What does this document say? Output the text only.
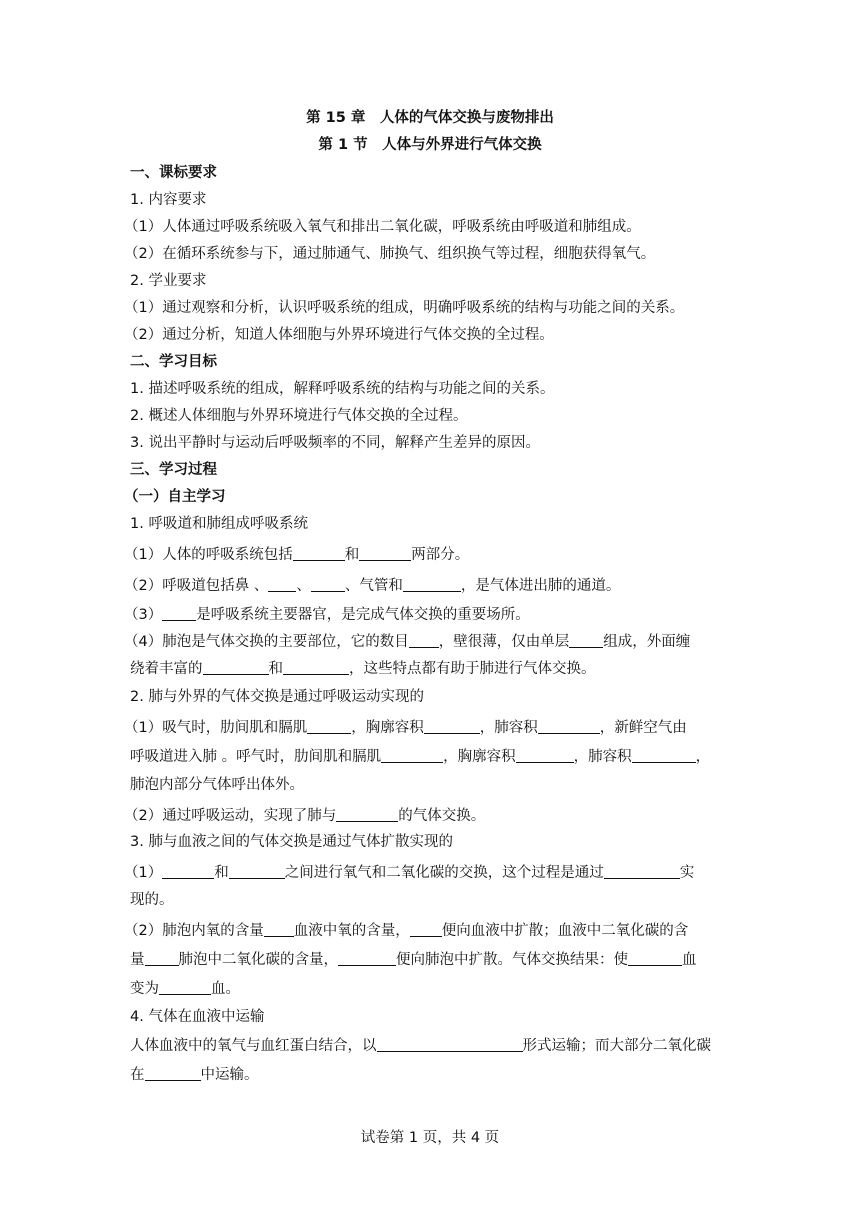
第 15 章　人体的气体交换与废物排出
第 1 节　人体与外界进行气体交换
一、课标要求
1. 内容要求
（1）人体通过呼吸系统吸入氧气和排出二氧化碳，呼吸系统由呼吸道和肺组成。
（2）在循环系统参与下，通过肺通气、肺换气、组织换气等过程，细胞获得氧气。
2. 学业要求
（1）通过观察和分析，认识呼吸系统的组成，明确呼吸系统的结构与功能之间的关系。
（2）通过分析，知道人体细胞与外界环境进行气体交换的全过程。
二、学习目标
1. 描述呼吸系统的组成，解释呼吸系统的结构与功能之间的关系。
2. 概述人体细胞与外界环境进行气体交换的全过程。
3. 说出平静时与运动后呼吸频率的不同，解释产生差异的原因。
三、学习过程
（一）自主学习
1. 呼吸道和肺组成呼吸系统
（1）人体的呼吸系统包括	和	两部分。
（2）呼吸道包括鼻 、 、 、气管和	，是气体进出肺的通道。
（3） 是呼吸系统主要器官，是完成气体交换的重要场所。
（4）肺泡是气体交换的主要部位，它的数目 ，壁很薄，仅由单层 组成，外面缠
绕着丰富的	和	，这些特点都有助于肺进行气体交换。
2. 肺与外界的气体交换是通过呼吸运动实现的
（1）吸气时，肋间肌和膈肌	，胸廓容积	，肺容积	，新鲜空气由
呼吸道进入肺 。呼气时，肋间肌和膈肌	，胸廓容积	，肺容积	，
肺泡内部分气体呼出体外。
（2）通过呼吸运动，实现了肺与	的气体交换。
3. 肺与血液之间的气体交换是通过气体扩散实现的
（1）	和	之间进行氧气和二氧化碳的交换，这个过程是通过	实
现的。
（2）肺泡内氧的含量 血液中氧的含量， 便向血液中扩散；血液中二氧化碳的含
量 肺泡中二氧化碳的含量，	便向肺泡中扩散。气体交换结果：使	血
变为	血。
4. 气体在血液中运输
人体血液中的氧气与血红蛋白结合，以	形式运输；而大部分二氧化碳
在	中运输。
试卷第 1 页，共 4 页
